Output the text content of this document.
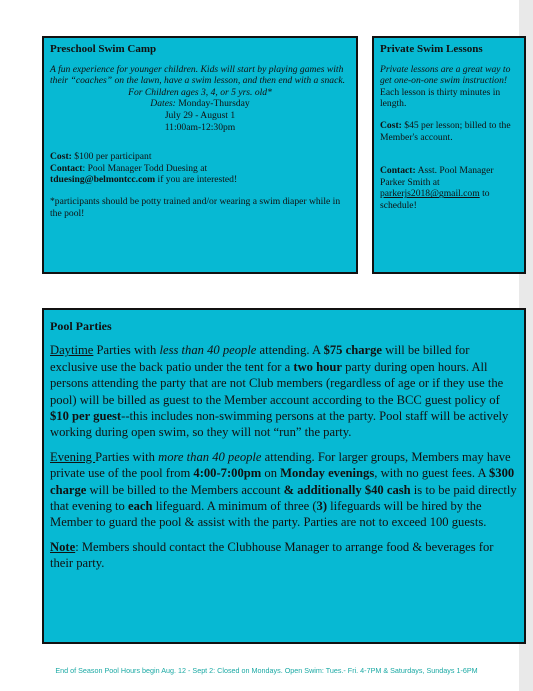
Preschool Swim Camp

A fun experience for younger children. Kids will start by playing games with their “coaches” on the lawn, have a swim lesson, and then end with a snack.

For Children ages 3, 4, or 5 yrs. old*

Dates: Monday-Thursday

July 29 - August 1

11:00am-12:30pm

Cost: $100 per participant

Contact: Pool Manager Todd Duesing at

tduesing@belmontcc.com if you are interested!

*participants should be potty trained and/or wearing a swim diaper while in the pool!

Private Swim Lessons

Private lessons are a great way to get one-on-one swim instruction!

Each lesson is thirty minutes in length.

Cost: $45 per lesson; billed to the Member's account.

Contact: Asst. Pool Manager Parker Smith at parkerjs2018@gmail.com to schedule!

Pool Parties

Daytime Parties with less than 40 people attending. A $75 charge will be billed for exclusive use the back patio under the tent for a two hour party during open hours. All persons attending the party that are not Club members (regardless of age or if they use the pool) will be billed as guest to the Member account according to the BCC guest policy of $10 per guest--this includes non-swimming persons at the party. Pool staff will be actively working during open swim, so they will not “run” the party.

Evening Parties with more than 40 people attending. For larger groups, Members may have private use of the pool from 4:00-7:00pm on Monday evenings, with no guest fees. A $300 charge will be billed to the Members account & additionally $40 cash is to be paid directly that evening to each lifeguard. A minimum of three (3) lifeguards will be hired by the Member to guard the pool & assist with the party. Parties are not to exceed 100 guests.

Note: Members should contact the Clubhouse Manager to arrange food & beverages for their party.

End of Season Pool Hours begin Aug. 12 - Sept 2: Closed on Mondays. Open Swim: Tues.- Fri. 4-7PM & Saturdays, Sundays 1-6PM
